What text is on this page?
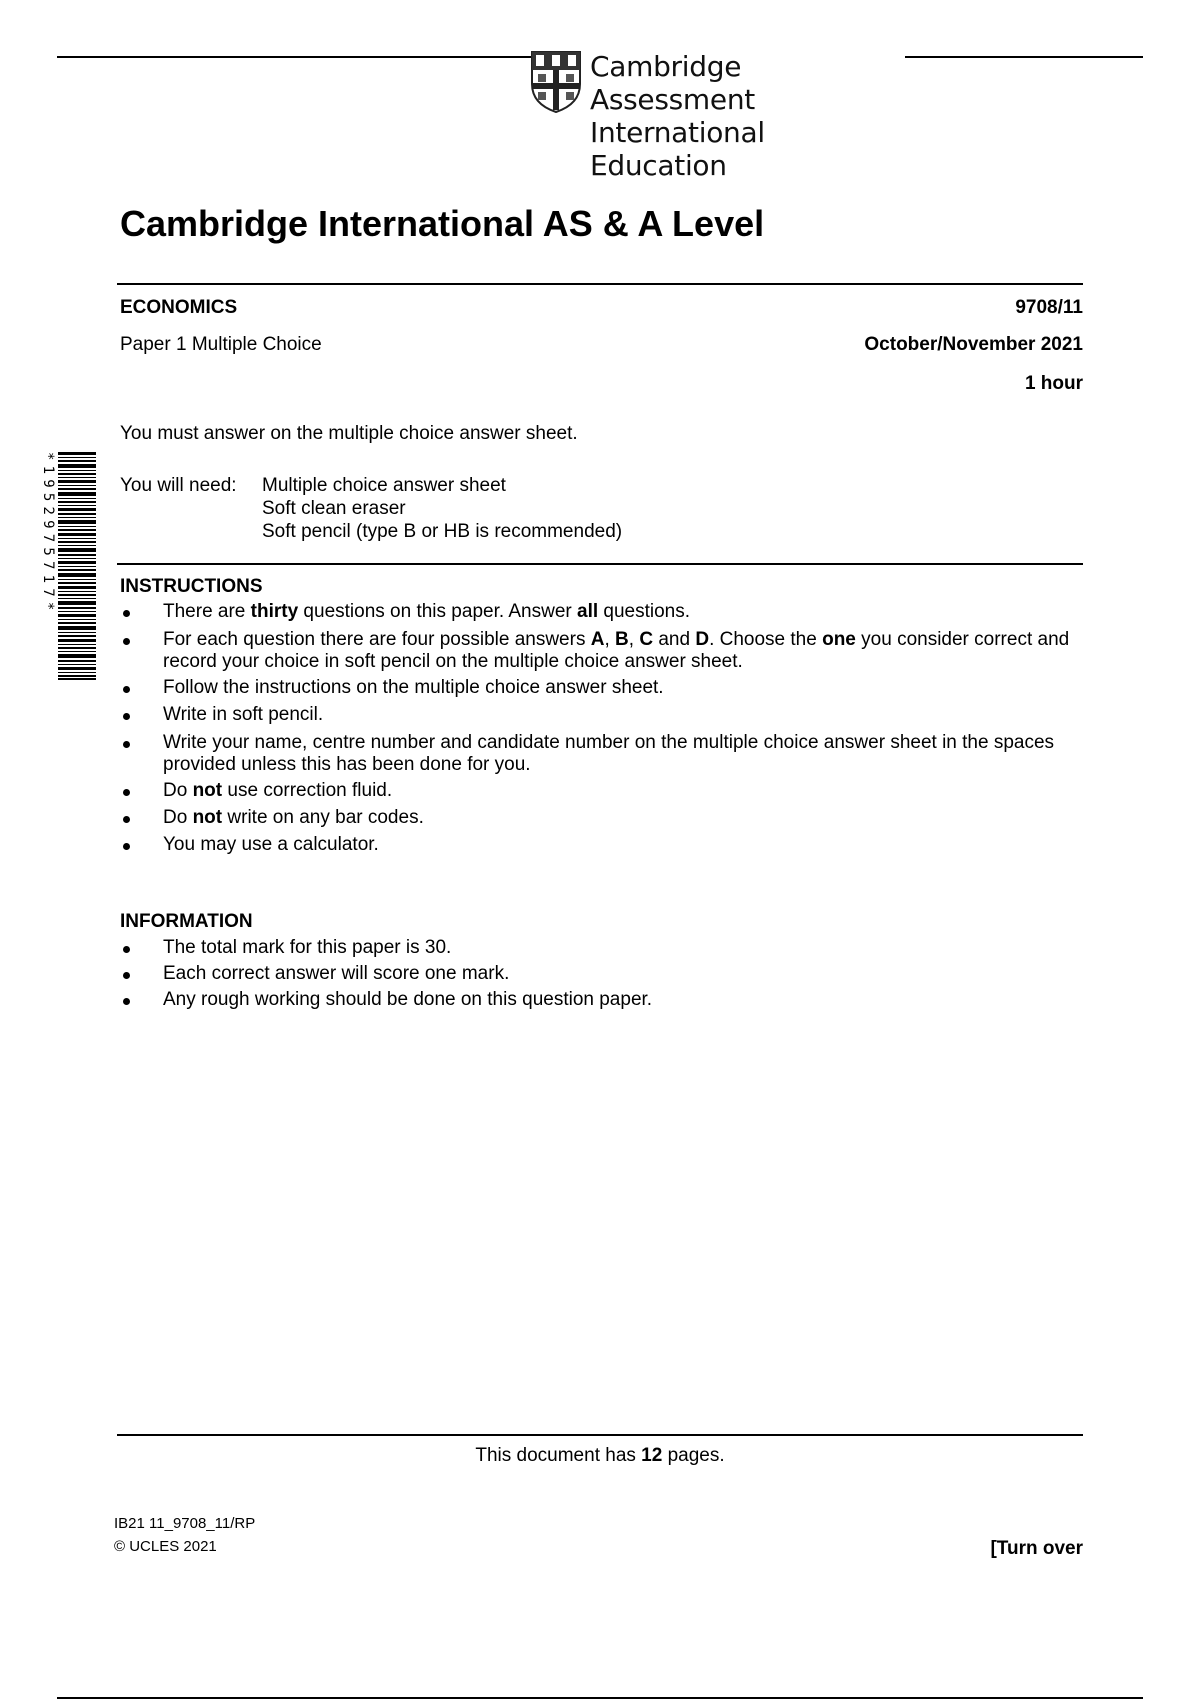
Cambridge Assessment
International Education
Cambridge International AS & A Level
ECONOMICS	9708/11
Paper 1 Multiple Choice	October/November 2021
1 hour
*1952975717*
You must answer on the multiple choice answer sheet.
You will need: Multiple choice answer sheet
Soft clean eraser
Soft pencil (type B or HB is recommended)
INSTRUCTIONS
There are thirty questions on this paper. Answer all questions.
For each question there are four possible answers A, B, C and D. Choose the one you consider correct and record your choice in soft pencil on the multiple choice answer sheet.
Follow the instructions on the multiple choice answer sheet.
Write in soft pencil.
Write your name, centre number and candidate number on the multiple choice answer sheet in the spaces provided unless this has been done for you.
Do not use correction fluid.
Do not write on any bar codes.
You may use a calculator.
INFORMATION
The total mark for this paper is 30.
Each correct answer will score one mark.
Any rough working should be done on this question paper.
This document has 12 pages.
IB21 11_9708_11/RP
© UCLES 2021	[Turn over
